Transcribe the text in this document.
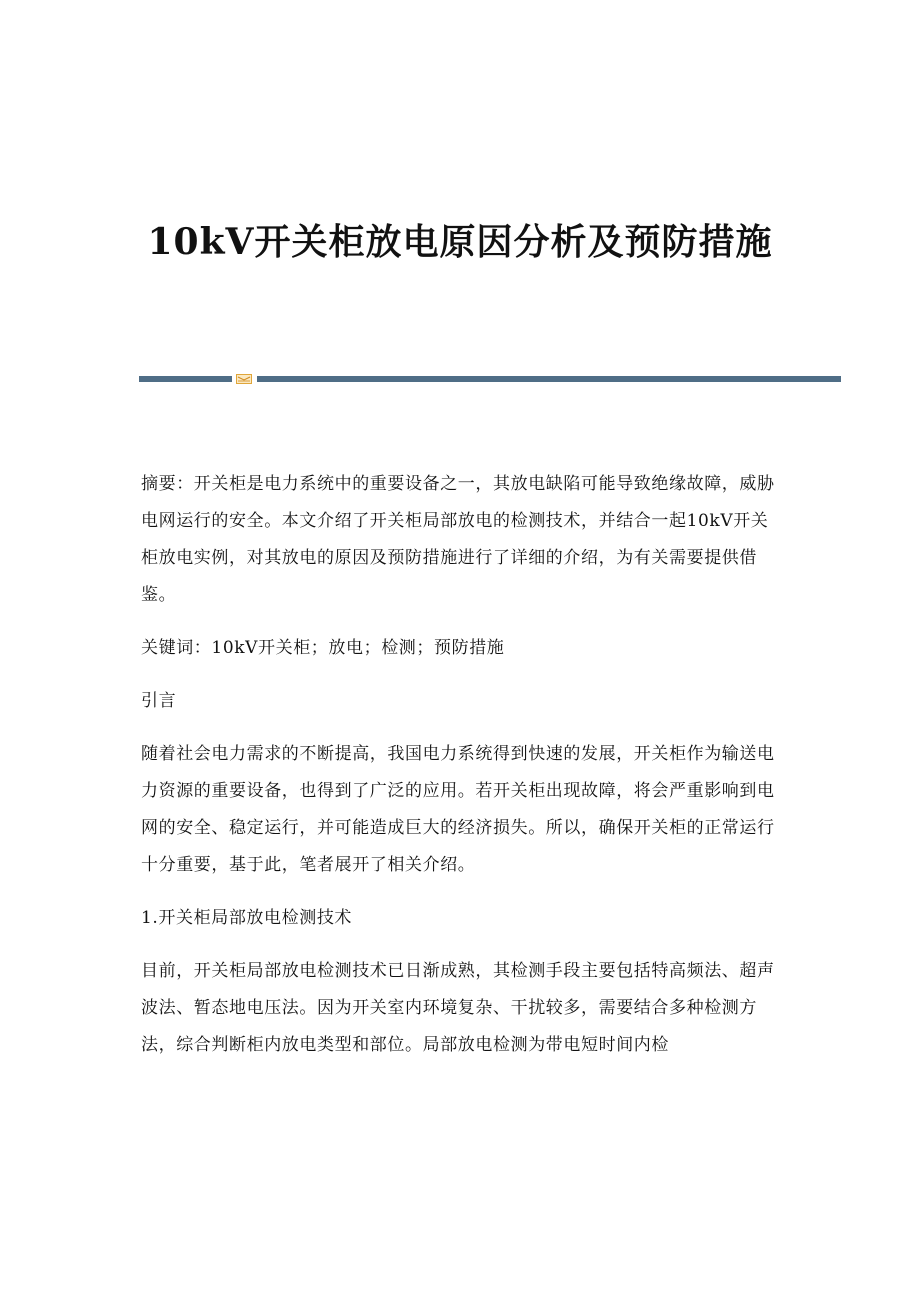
10kV开关柜放电原因分析及预防措施

摘要：开关柜是电力系统中的重要设备之一，其放电缺陷可能导致绝缘故障，威胁电网运行的安全。本文介绍了开关柜局部放电的检测技术，并结合一起10kV开关柜放电实例，对其放电的原因及预防措施进行了详细的介绍，为有关需要提供借鉴。

关键词：10kV开关柜；放电；检测；预防措施

引言

随着社会电力需求的不断提高，我国电力系统得到快速的发展，开关柜作为输送电力资源的重要设备，也得到了广泛的应用。若开关柜出现故障，将会严重影响到电网的安全、稳定运行，并可能造成巨大的经济损失。所以，确保开关柜的正常运行十分重要，基于此，笔者展开了相关介绍。

1.开关柜局部放电检测技术

目前，开关柜局部放电检测技术已日渐成熟，其检测手段主要包括特高频法、超声波法、暂态地电压法。因为开关室内环境复杂、干扰较多，需要结合多种检测方法，综合判断柜内放电类型和部位。局部放电检测为带电短时间内检
